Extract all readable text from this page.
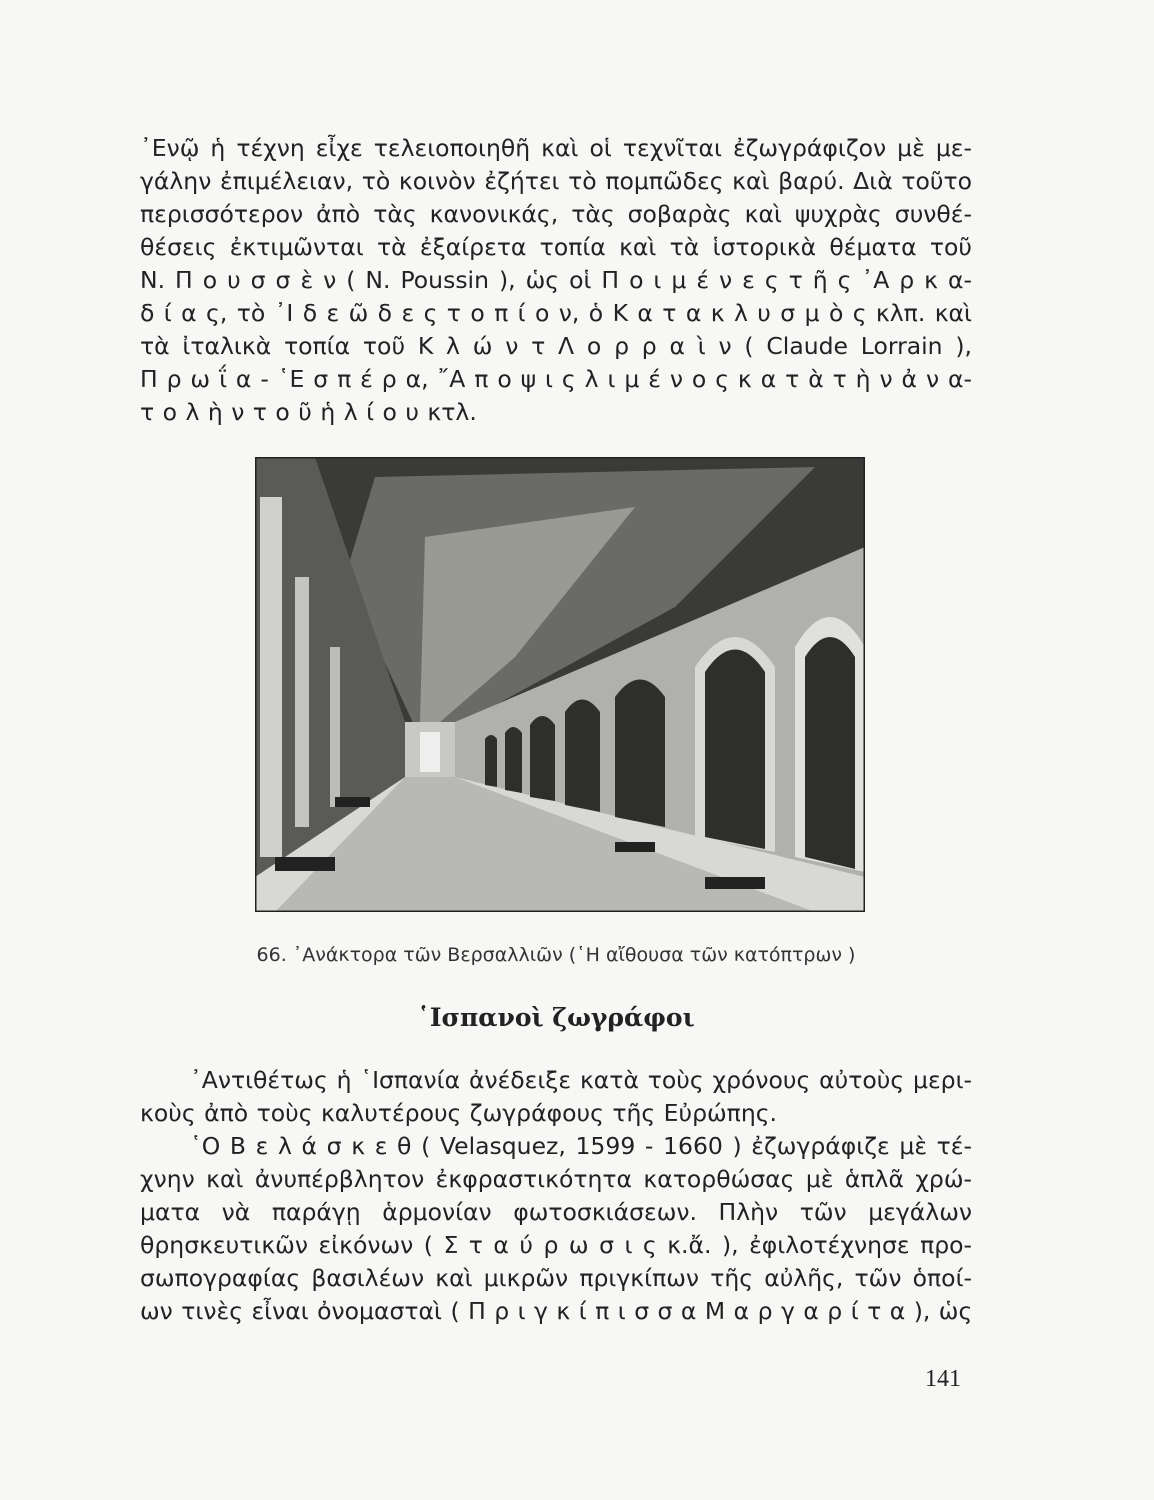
᾿Ενῷ ἡ τέχνη εἶχε τελειοποιηθῆ καὶ οἱ τεχνῖται ἐζωγράφιζον μὲ με-
γάλην ἐπιμέλειαν, τὸ κοινὸν ἐζήτει τὸ πομπῶδες καὶ βαρύ. Διὰ τοῦτο
περισσότερον ἀπὸ τὰς κανονικάς, τὰς σοβαρὰς καὶ ψυχρὰς συνθέ-
θέσεις ἐκτιμῶνται τὰ ἐξαίρετα τοπία καὶ τὰ ἱστορικὰ θέματα τοῦ
Ν. Π ο υ σ σ ὲ ν ( N. Poussin ), ὡς οἱ Π ο ι μ έ ν ε ς τ ῆ ς ᾿Α ρ κ α-
δ ί α ς, τὸ ᾿Ι δ ε ῶ δ ε ς τ ο π ί ο ν, ὁ Κ α τ α κ λ υ σ μ ὸ ς κλπ. καὶ
τὰ ἰταλικὰ τοπία τοῦ Κ λ ώ ν τ Λ ο ρ ρ α ὶ ν ( Claude Lorrain ),
Π ρ ω ΐ α - ῾Ε σ π έ ρ α, ῎Α π ο ψ ι ς λ ι μ έ ν ο ς κ α τ ὰ τ ὴ ν ἀ ν α-
τ ο λ ὴ ν τ ο ῦ ἡ λ ί ο υ κτλ.
66. ᾿Ανάκτορα τῶν Βερσαλλιῶν (῾Η αἴθουσα τῶν κατόπτρων )
῾Ισπανοὶ ζωγράφοι
᾿Αντιθέτως ἡ ῾Ισπανία ἀνέδειξε κατὰ τοὺς χρόνους αὐτοὺς μερι-
κοὺς ἀπὸ τοὺς καλυτέρους ζωγράφους τῆς Εὐρώπης.
῾Ο Β ε λ ά σ κ ε θ ( Velasquez, 1599 - 1660 ) ἐζωγράφιζε μὲ τέ-
χνην καὶ ἀνυπέρβλητον ἐκφραστικότητα κατορθώσας μὲ ἁπλᾶ χρώ-
ματα νὰ παράγῃ ἁρμονίαν φωτοσκιάσεων. Πλὴν τῶν μεγάλων
θρησκευτικῶν εἰκόνων ( Σ τ α ύ ρ ω σ ι ς κ.ἄ. ), ἐφιλοτέχνησε προ-
σωπογραφίας βασιλέων καὶ μικρῶν πριγκίπων τῆς αὐλῆς, τῶν ὁποί-
ων τινὲς εἶναι ὀνομασταὶ ( Π ρ ι γ κ ί π ι σ σ α Μ α ρ γ α ρ ί τ α ), ὡς
141
